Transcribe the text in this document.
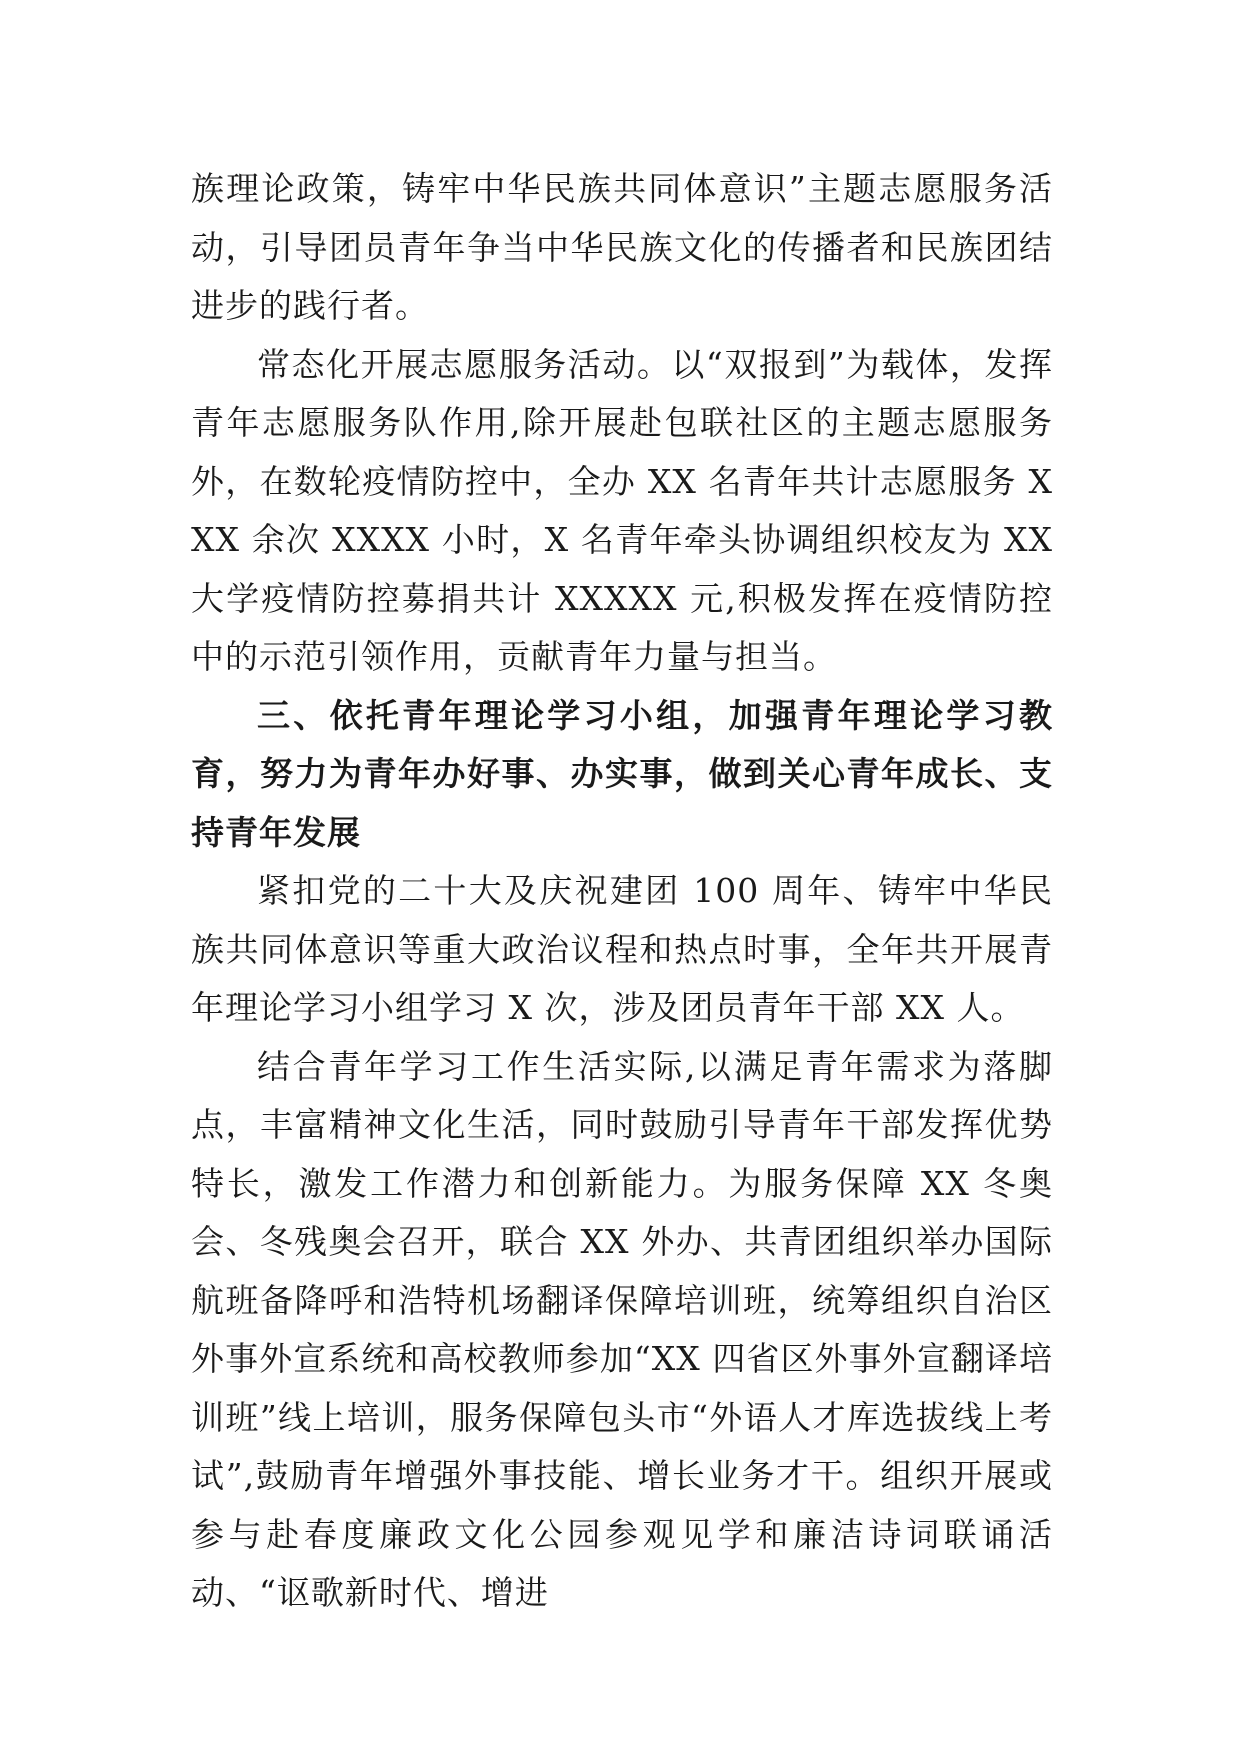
族理论政策，铸牢中华民族共同体意识”主题志愿服务活动，引导团员青年争当中华民族文化的传播者和民族团结进步的践行者。

常态化开展志愿服务活动。以“双报到”为载体，发挥青年志愿服务队作用,除开展赴包联社区的主题志愿服务外，在数轮疫情防控中，全办 XX 名青年共计志愿服务 XXX 余次 XXXX 小时，X 名青年牵头协调组织校友为 XX 大学疫情防控募捐共计 XXXXX 元,积极发挥在疫情防控中的示范引领作用，贡献青年力量与担当。

三、依托青年理论学习小组，加强青年理论学习教育，努力为青年办好事、办实事，做到关心青年成长、支持青年发展

紧扣党的二十大及庆祝建团 100 周年、铸牢中华民族共同体意识等重大政治议程和热点时事，全年共开展青年理论学习小组学习 X 次，涉及团员青年干部 XX 人。

结合青年学习工作生活实际,以满足青年需求为落脚点，丰富精神文化生活，同时鼓励引导青年干部发挥优势特长，激发工作潜力和创新能力。为服务保障 XX 冬奥会、冬残奥会召开，联合 XX 外办、共青团组织举办国际航班备降呼和浩特机场翻译保障培训班，统筹组织自治区外事外宣系统和高校教师参加“XX 四省区外事外宣翻译培训班”线上培训，服务保障包头市“外语人才库选拔线上考试”,鼓励青年增强外事技能、增长业务才干。组织开展或参与赴春度廉政文化公园参观见学和廉洁诗词联诵活动、“讴歌新时代、增进
